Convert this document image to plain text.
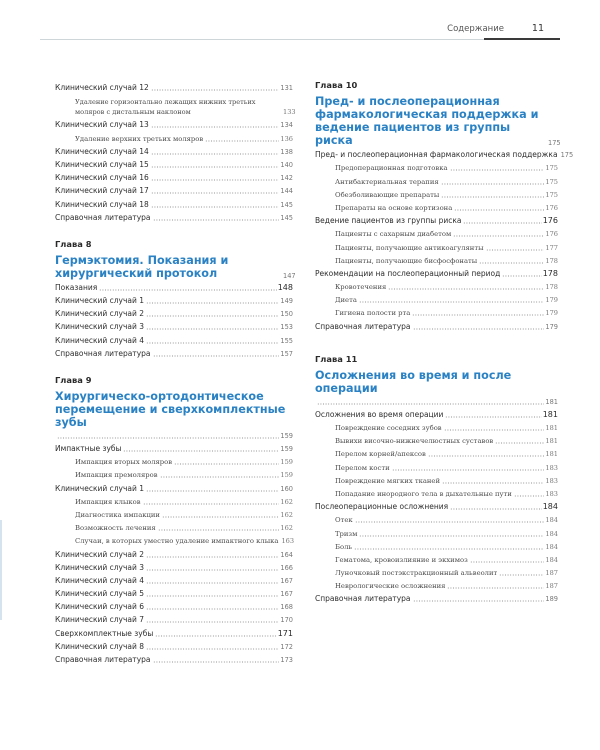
Содержание	11
Клинический случай 12	131
Удаление горизонтально лежащих нижних третьих моляров с дистальным наклоном	133
Клинический случай 13	134
Удаление верхних третьих моляров	136
Клинический случай 14	138
Клинический случай 15	140
Клинический случай 16	142
Клинический случай 17	144
Клинический случай 18	145
Справочная литература	145
Глава 8
Гермэктомия. Показания и хирургический протокол	147
Показания	148
Клинический случай 1	149
Клинический случай 2	150
Клинический случай 3	153
Клинический случай 4	155
Справочная литература	157
Глава 9
Хирургическо-ортодонтическое перемещение и сверхкомплектные зубы
159
Импактные зубы	159
Импакция вторых моляров	159
Импакция премоляров	159
Клинический случай 1	160
Импакция клыков	162
Диагностика импакции	162
Возможность лечения	162
Случаи, в которых уместно удаление импактного клыка 163
Клинический случай 2	164
Клинический случай 3	166
Клинический случай 4	167
Клинический случай 5	167
Клинический случай 6	168
Клинический случай 7	170
Сверхкомплектные зубы	171
Клинический случай 8	172
Справочная литература	173
Глава 10
Пред- и послеоперационная фармакологическая поддержка и ведение пациентов из группы риска	175
Пред- и послеоперационная фармакологическая поддержка 175
Предоперационная подготовка	175
Антибактериальная терапия	175
Обезболивающие препараты	175
Препараты на основе кортизона	176
Ведение пациентов из группы риска	176
Пациенты с сахарным диабетом	176
Пациенты, получающие антикоагулянты	177
Пациенты, получающие бисфосфонаты	178
Рекомендации на послеоперационный период	178
Кровотечения	178
Диета	179
Гигиена полости рта	179
Справочная литература	179
Глава 11
Осложнения во время и после операции
181
Осложнения во время операции	181
Повреждение соседних зубов	181
Вывихи височно-нижнечелюстных суставов	181
Перелом корней/апексов	181
Перелом кости	183
Повреждение мягких тканей	183
Попадание инородного тела в дыхательные пути	183
Послеоперационные осложнения	184
Отек	184
Тризм	184
Боль	184
Гематома, кровоизлияние и экхимоз	184
Луночковый постэкстракционный альвеолит	187
Неврологические осложнения	187
Справочная литература	189
